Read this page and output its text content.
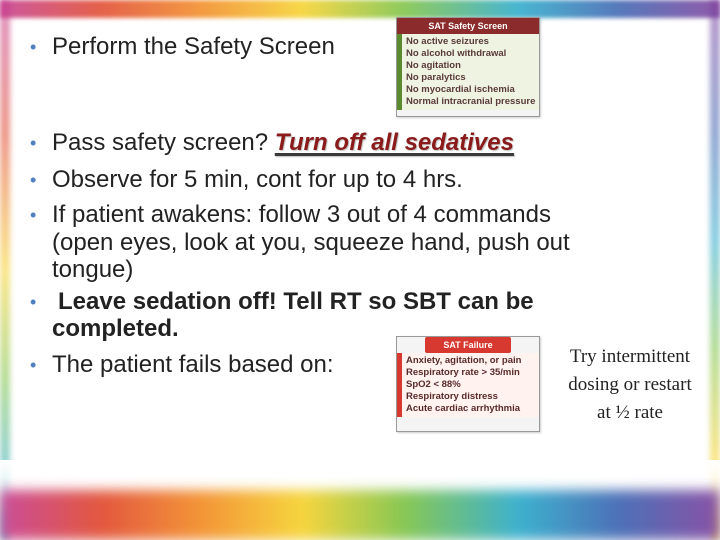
• Perform the Safety Screen
SAT Safety Screen
No active seizures
No alcohol withdrawal
No agitation
No paralytics
No myocardial ischemia
Normal intracranial pressure
• Pass safety screen? Turn off all sedatives
• Observe for 5 min, cont for up to 4 hrs.
• If patient awakens: follow 3 out of 4 commands
(open eyes, look at you, squeeze hand, push out
tongue)
• Leave sedation off! Tell RT so SBT can be
completed.
• The patient fails based on:
SAT Failure
Anxiety, agitation, or pain
Respiratory rate > 35/min
SpO2 < 88%
Respiratory distress
Acute cardiac arrhythmia
Try intermittent dosing or restart at ½ rate
